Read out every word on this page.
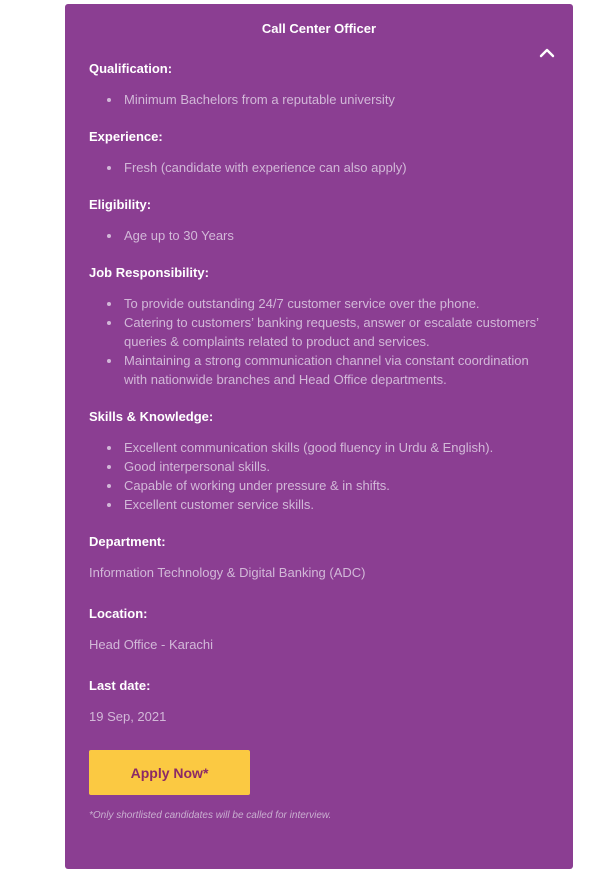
Call Center Officer
Qualification:
• Minimum Bachelors from a reputable university
Experience:
• Fresh (candidate with experience can also apply)
Eligibility:
• Age up to 30 Years
Job Responsibility:
• To provide outstanding 24/7 customer service over the phone.
• Catering to customers’ banking requests, answer or escalate customers’ queries & complaints related to product and services.
• Maintaining a strong communication channel via constant coordination with nationwide branches and Head Office departments.
Skills & Knowledge:
• Excellent communication skills (good fluency in Urdu & English).
• Good interpersonal skills.
• Capable of working under pressure & in shifts.
• Excellent customer service skills.
Department:

Information Technology & Digital Banking (ADC)

Location:

Head Office - Karachi

Last date:

19 Sep, 2021

Apply Now*
*Only shortlisted candidates will be called for interview.
